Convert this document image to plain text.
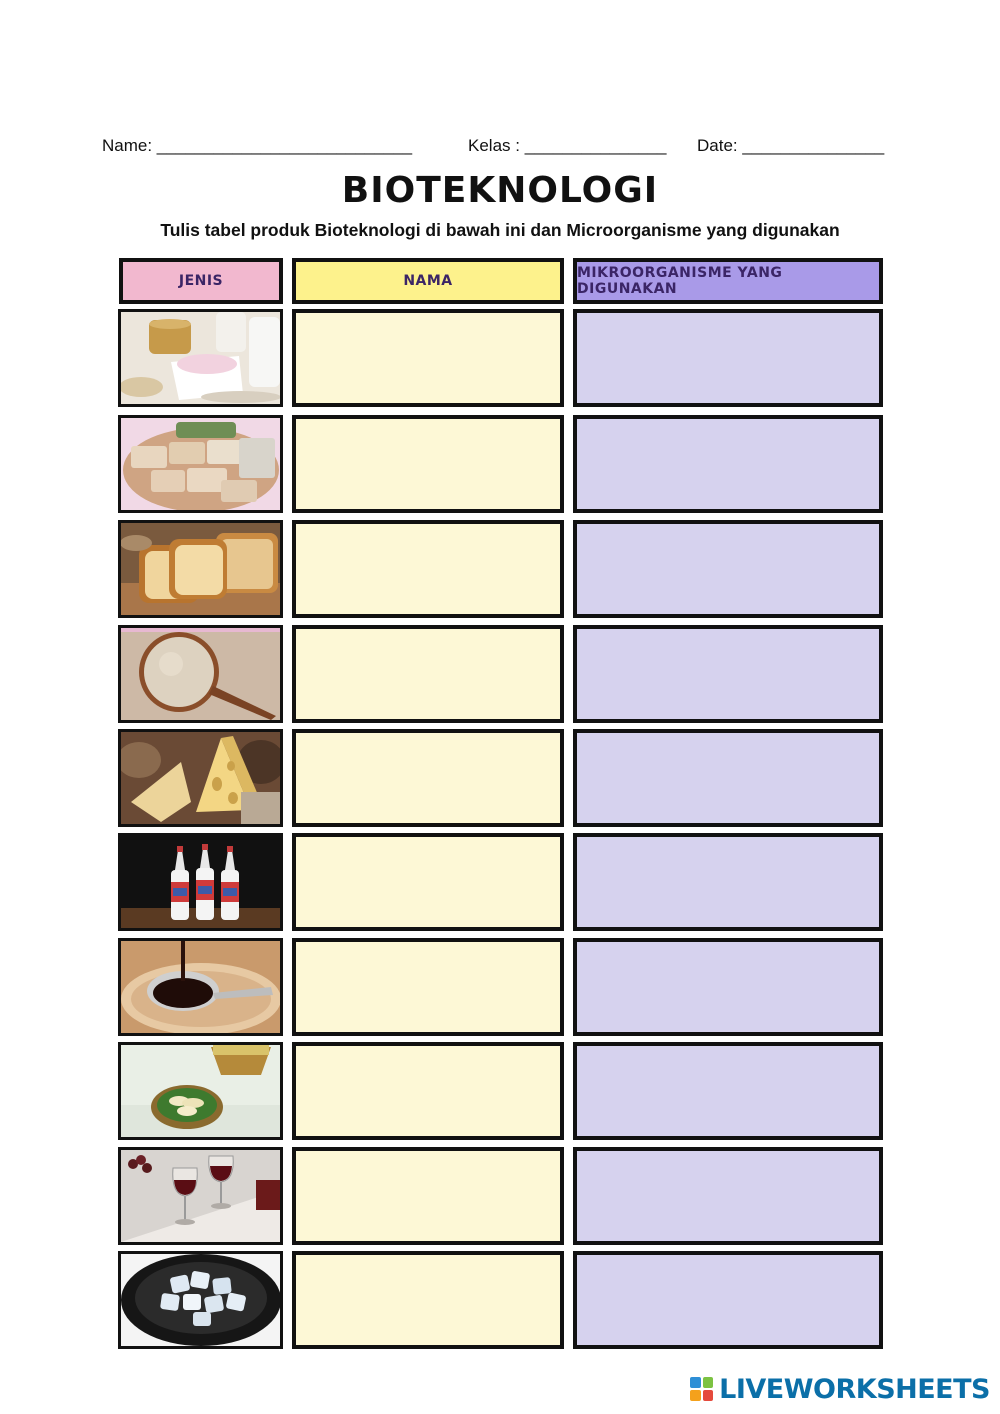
Name: ___________________________	Kelas : _______________ Date: _______________
BIOTEKNOLOGI
Tulis tabel produk Bioteknologi di bawah ini dan Microorganisme yang digunakan
JENIS	NAMA	MIKROORGANISME YANG DIGUNAKAN
LIVEWORKSHEETS
